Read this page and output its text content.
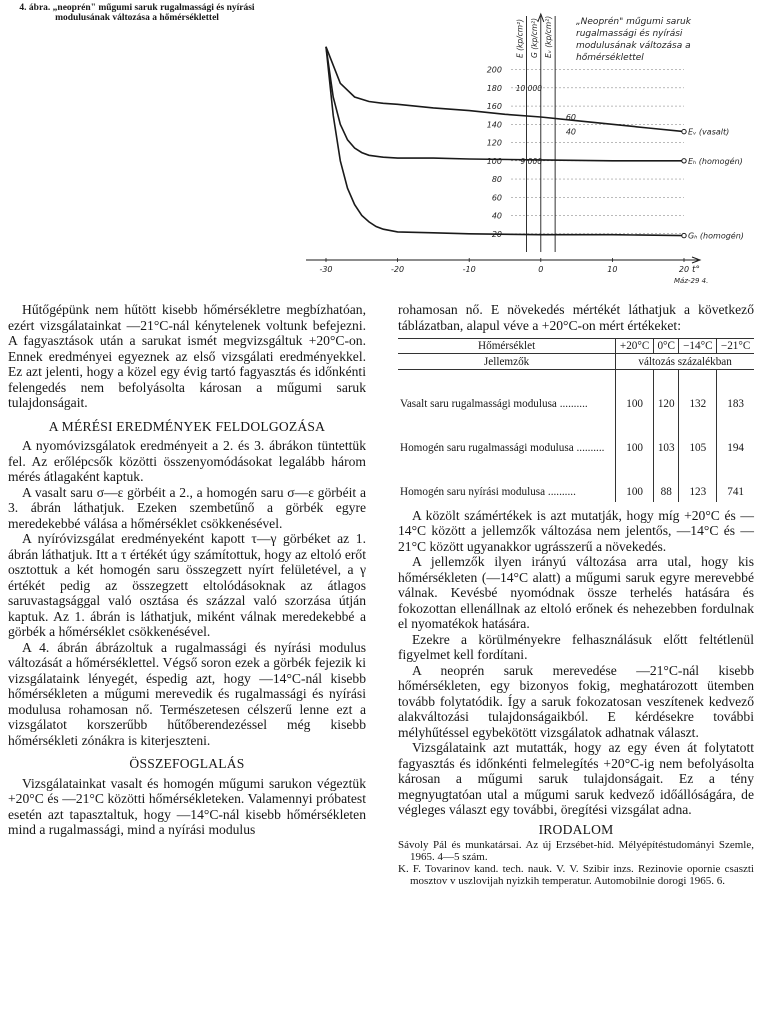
4. ábra. „neoprén" műgumi saruk rugalmassági és nyírási modulusának változása a hőmérséklettel
200
180
160
140
120
100
80
60
40
20
10 000
9 000
60
40
E (kp/cm²) G (kp/cm²) Eᵥ (kp/cm²)
-30	-20	-10	0	10	20 t°
Máz-29 4.
Eᵥ (vasalt)
Eₕ (homogén)
Gₕ (homogén)
„Neoprén" műgumi saruk
rugalmassági és nyírási
modulusának változása a
hőmérséklettel

Hűtőgépünk nem hűtött kisebb hőmérsékletre megbízhatóan, ezért vizsgálatainkat —21°C-nál kénytelenek voltunk befejezni. A fagyasztások után a sarukat ismét megvizsgáltuk +20°C-on. Ennek eredményei egyeznek az első vizsgálati eredményekkel. Ez azt jelenti, hogy a közel egy évig tartó fagyasztás és időnkénti felengedés nem befolyásolta károsan a műgumi saruk tulajdonságait.

A MÉRÉSI EREDMÉNYEK FELDOLGOZÁSA

A nyomóvizsgálatok eredményeit a 2. és 3. ábrákon tüntettük fel. Az erőlépcsők közötti összenyomódásokat legalább három mérés átlagaként kaptuk.

A vasalt saru σ—ε görbéit a 2., a homogén saru σ—ε görbéit a 3. ábrán láthatjuk. Ezeken szembetűnő a görbék egyre meredekebbé válása a hőmérséklet csökkenésével.

A nyíróvizsgálat eredményeként kapott τ—γ görbéket az 1. ábrán láthatjuk. Itt a τ értékét úgy számítottuk, hogy az eltoló erőt osztottuk a két homogén saru összegzett nyírt felületével, a γ értékét pedig az összegzett eltolódásoknak az átlagos saruvastagsággal való osztása és százzal való szorzása útján kaptuk. Az 1. ábrán is láthatjuk, miként válnak meredekebbé a görbék a hőmérséklet csökkenésével.

A 4. ábrán ábrázoltuk a rugalmassági és nyírási modulus változását a hőmérséklettel. Végső soron ezek a görbék fejezik ki vizsgálataink lényegét, éspedig azt, hogy —14°C-nál kisebb hőmérsékleten a műgumi merevedik és rugalmassági és nyírási modulusa rohamosan nő. Természetesen célszerű lenne ezt a vizsgálatot korszerűbb hűtőberendezéssel még kisebb hőmérsékleti zónákra is kiterjeszteni.

ÖSSZEFOGLALÁS

Vizsgálatainkat vasalt és homogén műgumi sarukon végeztük +20°C és —21°C közötti hőmérsékleteken. Valamennyi próbatest esetén azt tapasztaltuk, hogy —14°C-nál kisebb hőmérsékleten mind a rugalmassági, mind a nyírási modulus

rohamosan nő. E növekedés mértékét láthatjuk a következő táblázatban, alapul véve a +20°C-on mért értékeket:

Hőmérséklet	+20°C	0°C	−14°C	−21°C
Jellemzők	változás százalékban			
Vasalt saru rugalmassági modulusa ..........	100	120	132	183
Homogén saru rugalmassági modulusa ..........	100	103	105	194
Homogén saru nyírási modulusa ..........	100	88	123	741

A közölt számértékek is azt mutatják, hogy míg +20°C és —14°C között a jellemzők változása nem jelentős, —14°C és —21°C között ugyanakkor ugrásszerű a növekedés.

A jellemzők ilyen irányú változása arra utal, hogy kis hőmérsékleten (—14°C alatt) a műgumi saruk egyre merevebbé válnak. Kevésbé nyomódnak össze terhelés hatására és fokozottan ellenállnak az eltoló erőnek és nehezebben fordulnak el nyomatékok hatására.

Ezekre a körülményekre felhasználásuk előtt feltétlenül figyelmet kell fordítani.

A neoprén saruk merevedése —21°C-nál kisebb hőmérsékleten, egy bizonyos fokig, meghatározott ütemben tovább folytatódik. Így a saruk fokozatosan veszítenek kedvező alakváltozási tulajdonságaikból. E kérdésekre további mélyhűtéssel egybekötött vizsgálatok adhatnak választ.

Vizsgálataink azt mutatták, hogy az egy éven át folytatott fagyasztás és időnkénti felmelegítés +20°C-ig nem befolyásolta károsan a műgumi saruk tulajdonságait. Ez a tény megnyugtatóan utal a műgumi saruk kedvező időállóságára, de végleges választ egy további, öregítési vizsgálat adna.

IRODALOM

Sávoly Pál és munkatársai. Az új Erzsébet-híd. Mélyépítéstudományi Szemle, 1965. 4—5 szám.

K. F. Tovarinov kand. tech. nauk. V. V. Szibir inzs. Rezinovie opornie csaszti mosztov v uszlovijah nyizkih temperatur. Automobilnie dorogi 1965. 6.
